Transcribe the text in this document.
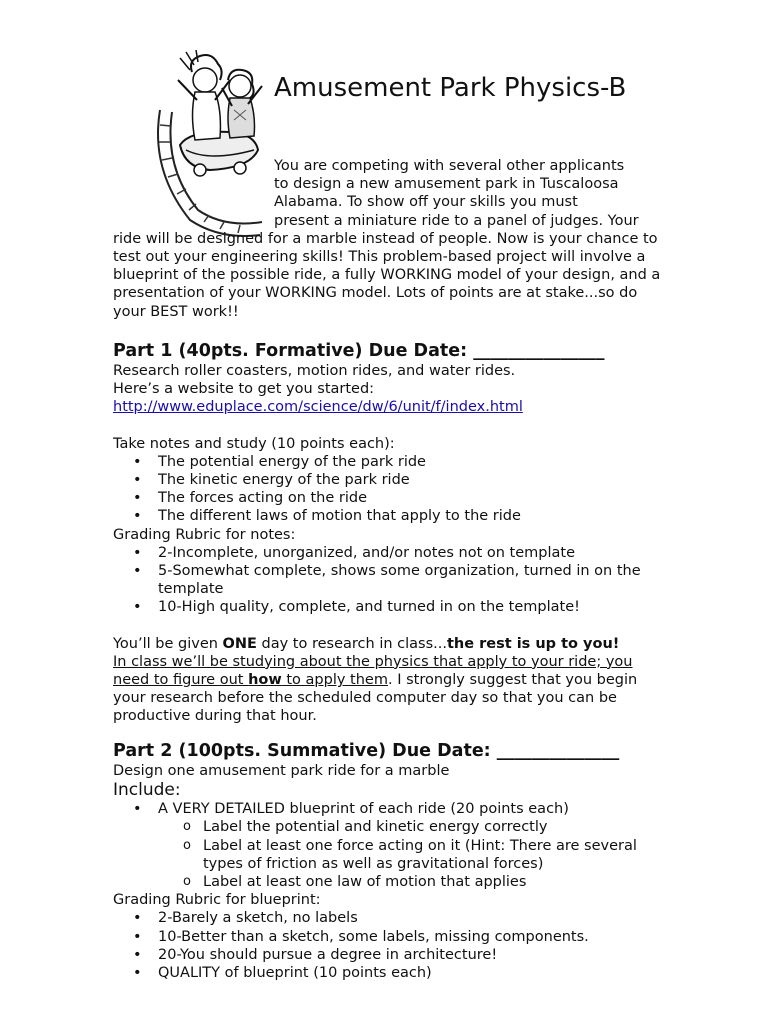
Amusement Park Physics-B
You are competing with several other applicants
to design a new amusement park in Tuscaloosa
Alabama. To show off your skills you must
present a miniature ride to a panel of judges. Your
ride will be designed for a marble instead of people. Now is your chance to test out your engineering skills! This problem-based project will involve a blueprint of the possible ride, a fully WORKING model of your design, and a presentation of your WORKING model. Lots of points are at stake...so do your BEST work!!
Part 1 (40pts. Formative) Due Date: _______________

Research roller coasters, motion rides, and water rides.

Here’s a website to get you started:

http://www.eduplace.com/science/dw/6/unit/f/index.html

Take notes and study (10 points each):

• The potential energy of the park ride
• The kinetic energy of the park ride
• The forces acting on the ride
• The different laws of motion that apply to the ride

Grading Rubric for notes:

• 2-Incomplete, unorganized, and/or notes not on template
• 5-Somewhat complete, shows some organization, turned in on the template
• 10-High quality, complete, and turned in on the template!

You’ll be given ONE day to research in class...the rest is up to you!
In class we’ll be studying about the physics that apply to your ride; you need to figure out how to apply them. I strongly suggest that you begin your research before the scheduled computer day so that you can be productive during that hour.

Part 2 (100pts. Summative) Due Date: ______________

Design one amusement park ride for a marble

Include:

• A VERY DETAILED blueprint of each ride (20 points each)
o Label the potential and kinetic energy correctly
o Label at least one force acting on it (Hint: There are several types of friction as well as gravitational forces)
o Label at least one law of motion that applies

Grading Rubric for blueprint:

• 2-Barely a sketch, no labels
• 10-Better than a sketch, some labels, missing components.
• 20-You should pursue a degree in architecture!
• QUALITY of blueprint (10 points each)
